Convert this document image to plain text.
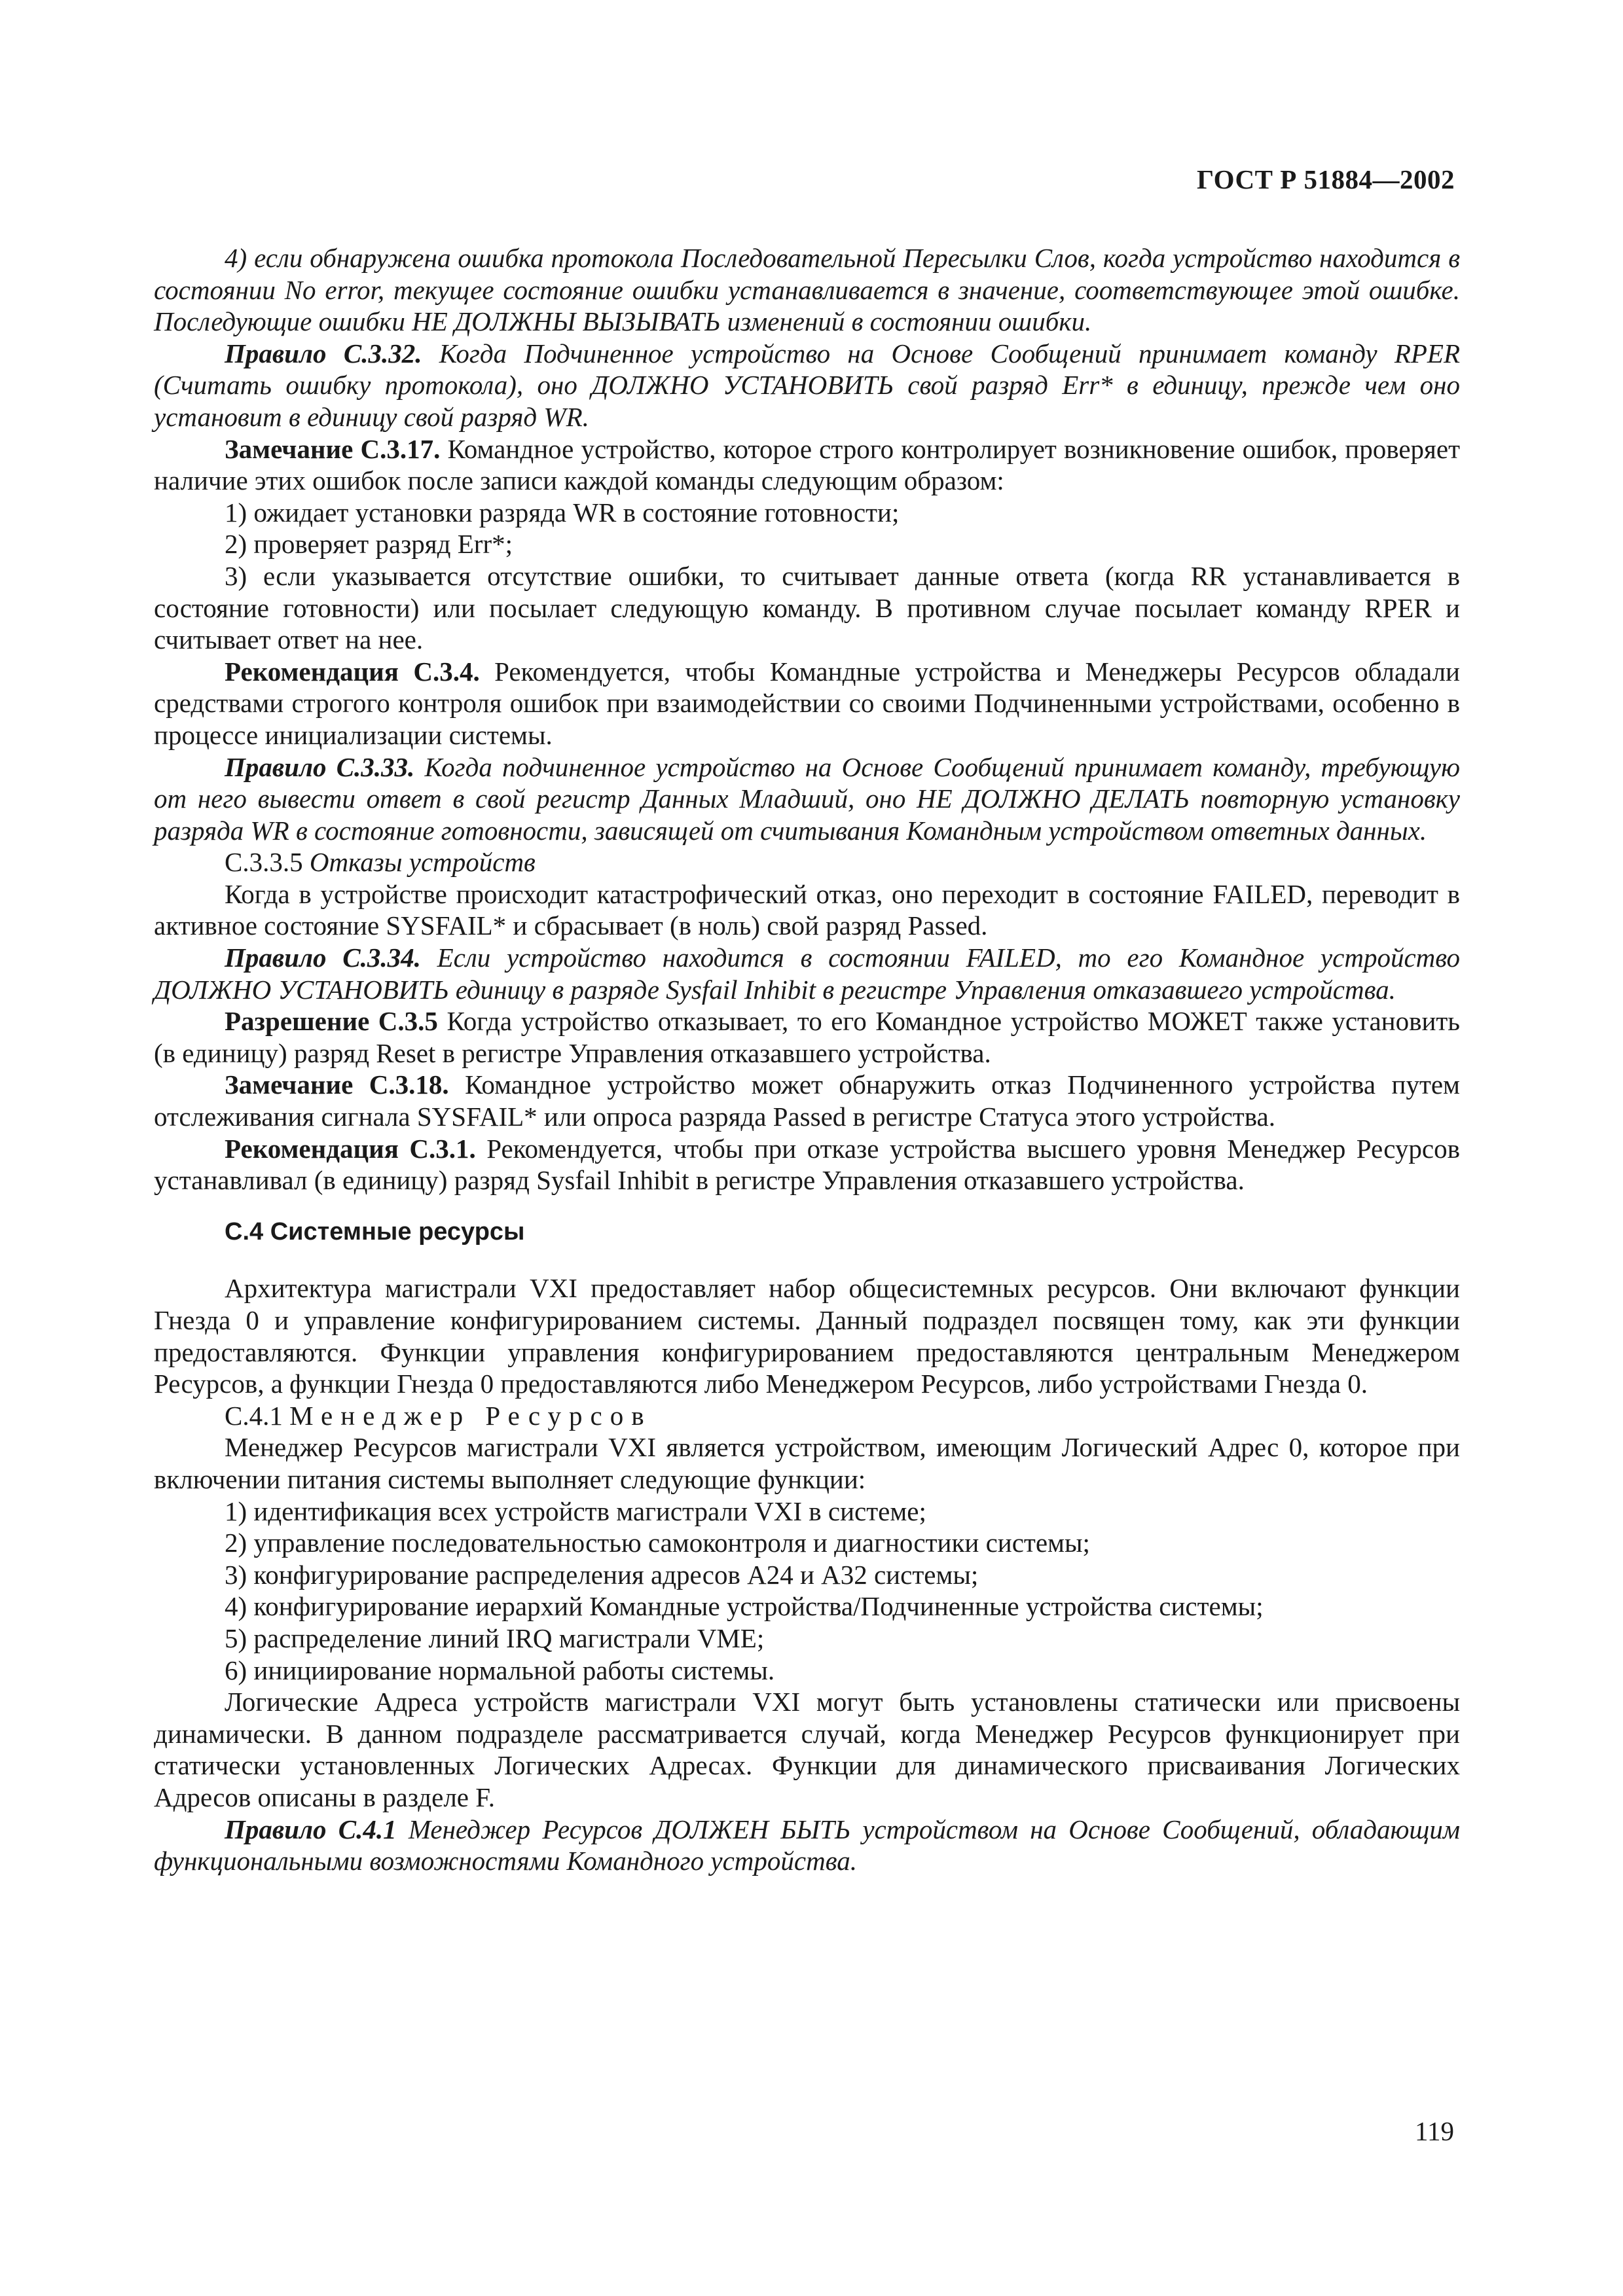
ГОСТ Р 51884—2002

4) если обнаружена ошибка протокола Последовательной Пересылки Слов, когда устройство находится в состоянии No error, текущее состояние ошибки устанавливается в значение, соответствующее этой ошибке. Последующие ошибки НЕ ДОЛЖНЫ ВЫЗЫВАТЬ изменений в состоянии ошибки.

Правило С.3.32. Когда Подчиненное устройство на Основе Сообщений принимает команду RPER (Считать ошибку протокола), оно ДОЛЖНО УСТАНОВИТЬ свой разряд Err* в единицу, прежде чем оно установит в единицу свой разряд WR.

Замечание С.3.17. Командное устройство, которое строго контролирует возникновение ошибок, проверяет наличие этих ошибок после записи каждой команды следующим образом:

1) ожидает установки разряда WR в состояние готовности;

2) проверяет разряд Err*;

3) если указывается отсутствие ошибки, то считывает данные ответа (когда RR устанавливается в состояние готовности) или посылает следующую команду. В противном случае посылает команду RPER и считывает ответ на нее.

Рекомендация С.3.4. Рекомендуется, чтобы Командные устройства и Менеджеры Ресурсов обладали средствами строгого контроля ошибок при взаимодействии со своими Подчиненными устройствами, особенно в процессе инициализации системы.

Правило С.3.33. Когда подчиненное устройство на Основе Сообщений принимает команду, требующую от него вывести ответ в свой регистр Данных Младший, оно НЕ ДОЛЖНО ДЕЛАТЬ повторную установку разряда WR в состояние готовности, зависящей от считывания Командным устройством ответных данных.

С.3.3.5 Отказы устройств

Когда в устройстве происходит катастрофический отказ, оно переходит в состояние FAILED, переводит в активное состояние SYSFAIL* и сбрасывает (в ноль) свой разряд Passed.

Правило С.3.34. Если устройство находится в состоянии FAILED, то его Командное устройство ДОЛЖНО УСТАНОВИТЬ единицу в разряде Sysfail Inhibit в регистре Управления отказавшего устройства.

Разрешение С.3.5 Когда устройство отказывает, то его Командное устройство МОЖЕТ также установить (в единицу) разряд Reset в регистре Управления отказавшего устройства.

Замечание С.3.18. Командное устройство может обнаружить отказ Подчиненного устройства путем отслеживания сигнала SYSFAIL* или опроса разряда Passed в регистре Статуса этого устройства.

Рекомендация С.3.1. Рекомендуется, чтобы при отказе устройства высшего уровня Менеджер Ресурсов устанавливал (в единицу) разряд Sysfail Inhibit в регистре Управления отказавшего устройства.

С.4 Системные ресурсы

Архитектура магистрали VXI предоставляет набор общесистемных ресурсов. Они включают функции Гнезда 0 и управление конфигурированием системы. Данный подраздел посвящен тому, как эти функции предоставляются. Функции управления конфигурированием предоставляются центральным Менеджером Ресурсов, а функции Гнезда 0 предоставляются либо Менеджером Ресурсов, либо устройствами Гнезда 0.

С.4.1 Менеджер Ресурсов

Менеджер Ресурсов магистрали VXI является устройством, имеющим Логический Адрес 0, которое при включении питания системы выполняет следующие функции:

1) идентификация всех устройств магистрали VXI в системе;

2) управление последовательностью самоконтроля и диагностики системы;

3) конфигурирование распределения адресов А24 и А32 системы;

4) конфигурирование иерархий Командные устройства/Подчиненные устройства системы;

5) распределение линий IRQ магистрали VME;

6) инициирование нормальной работы системы.

Логические Адреса устройств магистрали VXI могут быть установлены статически или присвоены динамически. В данном подразделе рассматривается случай, когда Менеджер Ресурсов функционирует при статически установленных Логических Адресах. Функции для динамического присваивания Логических Адресов описаны в разделе F.

Правило С.4.1 Менеджер Ресурсов ДОЛЖЕН БЫТЬ устройством на Основе Сообщений, обладающим функциональными возможностями Командного устройства.

119
